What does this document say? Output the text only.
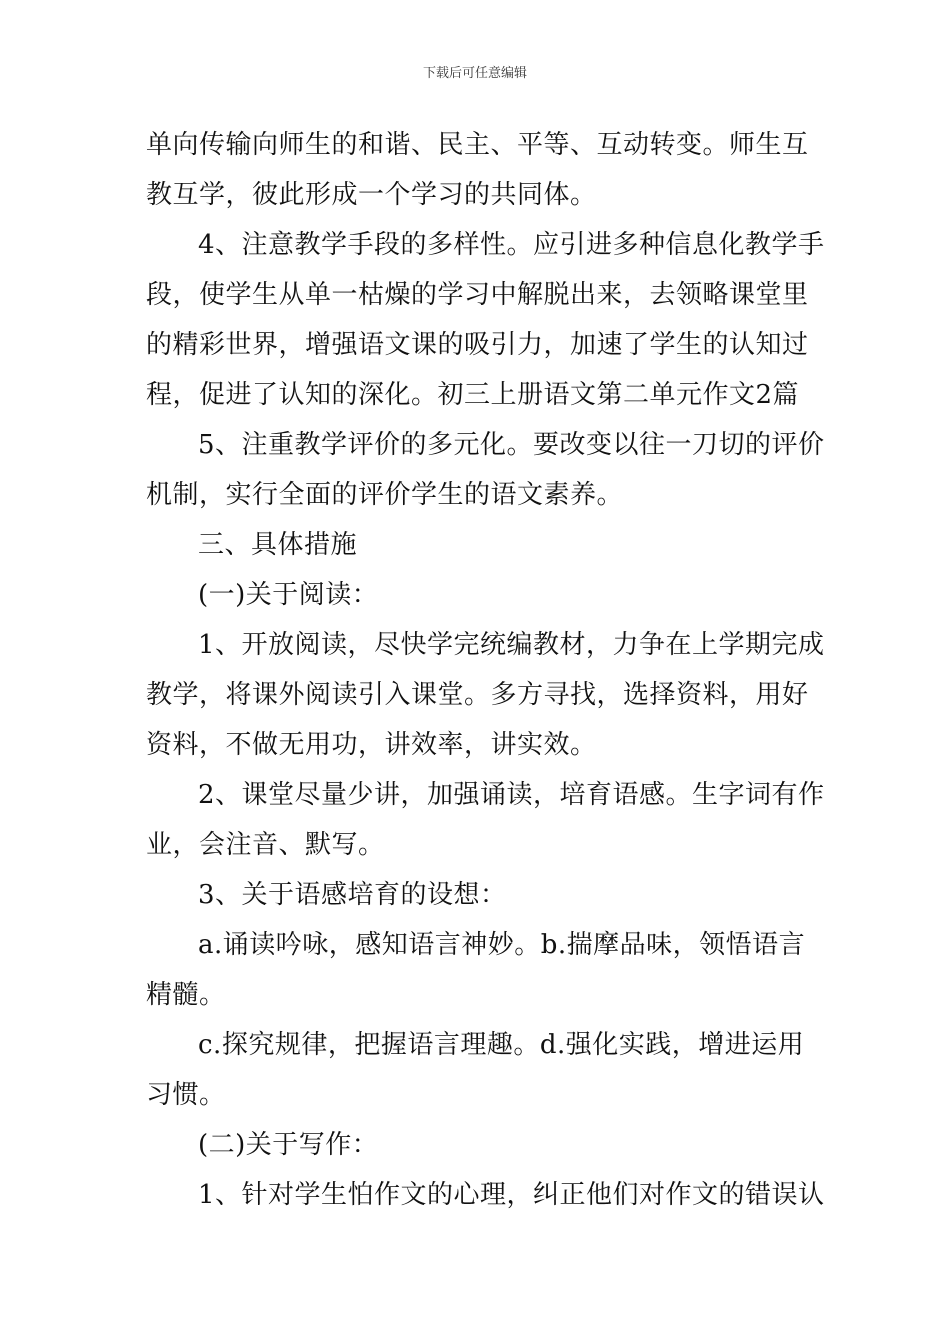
下载后可任意编辑
单向传输向师生的和谐、民主、平等、互动转变。师生互
教互学，彼此形成一个学习的共同体。
4、注意教学手段的多样性。应引进多种信息化教学手
段，使学生从单一枯燥的学习中解脱出来，去领略课堂里
的精彩世界，增强语文课的吸引力，加速了学生的认知过
程，促进了认知的深化。初三上册语文第二单元作文2篇
5、注重教学评价的多元化。要改变以往一刀切的评价
机制，实行全面的评价学生的语文素养。
三、具体措施
(一)关于阅读：
1、开放阅读，尽快学完统编教材，力争在上学期完成
教学，将课外阅读引入课堂。多方寻找，选择资料，用好
资料，不做无用功，讲效率，讲实效。
2、课堂尽量少讲，加强诵读，培育语感。生字词有作
业，会注音、默写。
3、关于语感培育的设想：
a.诵读吟咏，感知语言神妙。b.揣摩品味，领悟语言
精髓。
c.探究规律，把握语言理趣。d.强化实践，增进运用
习惯。
(二)关于写作：
1、针对学生怕作文的心理，纠正他们对作文的错误认
